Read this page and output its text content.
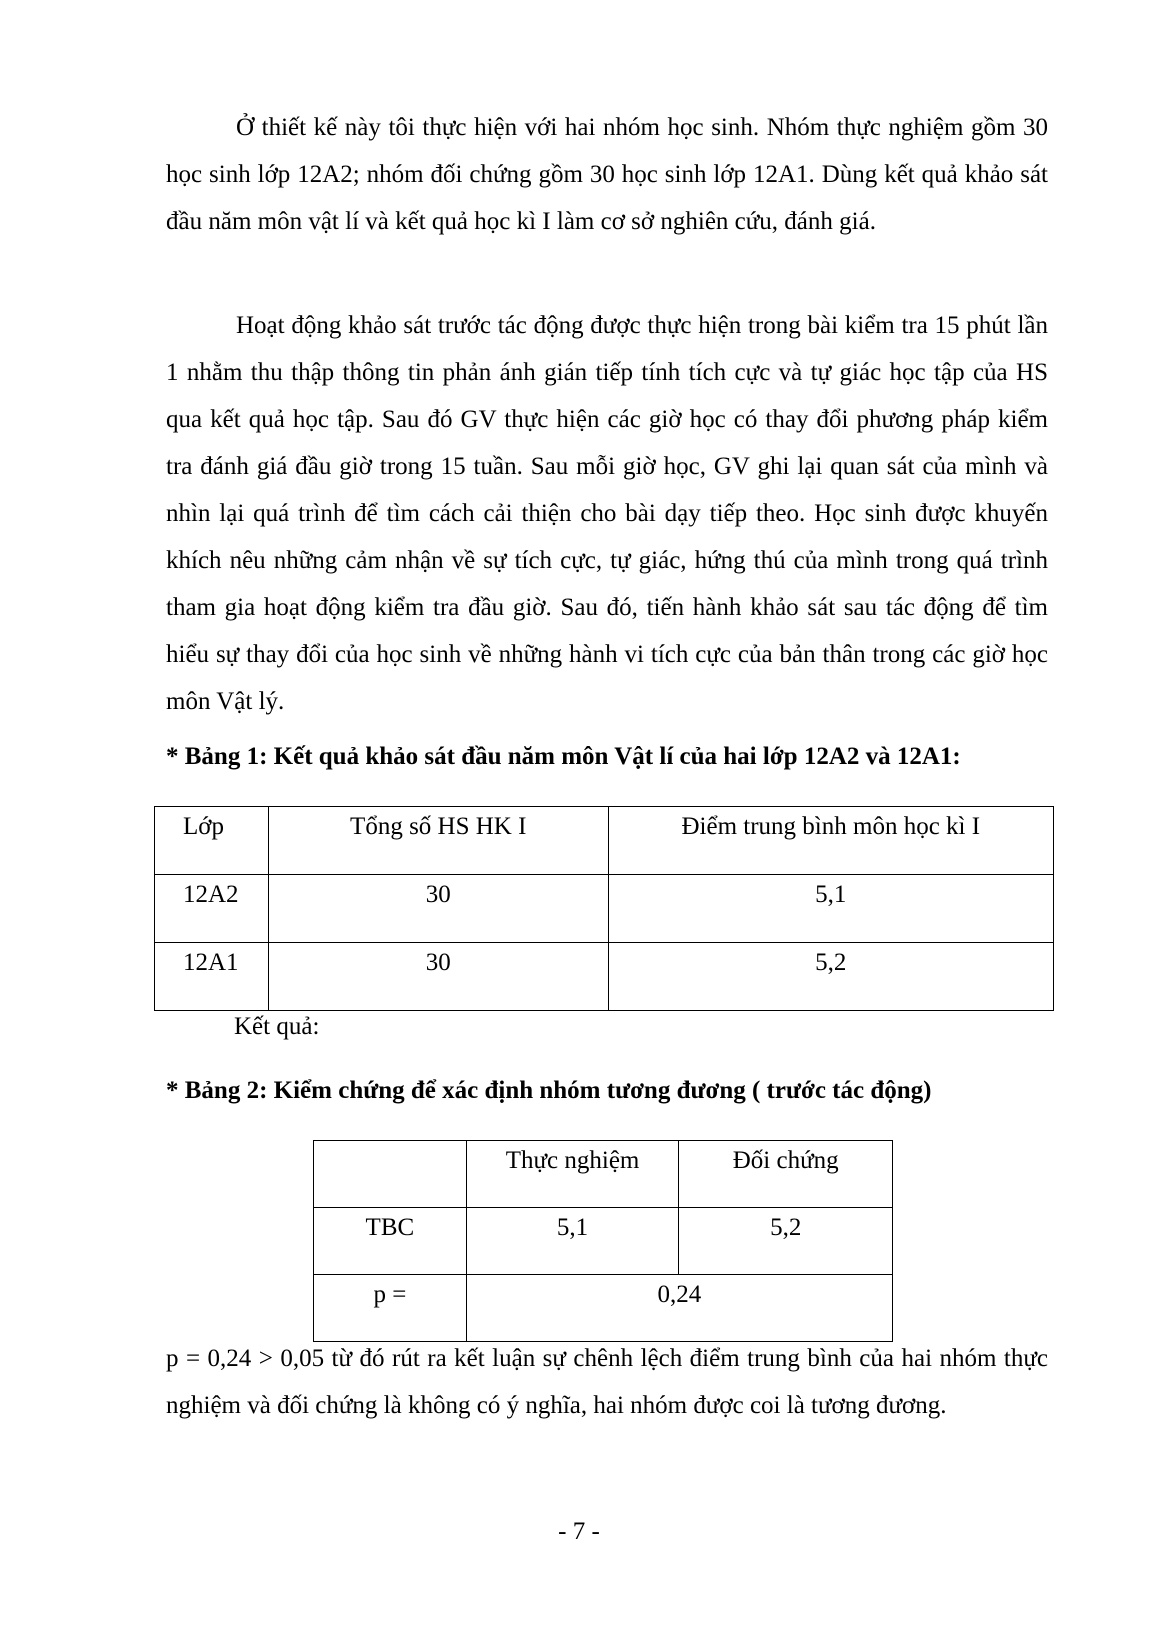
Ở thiết kế này tôi thực hiện với hai nhóm học sinh. Nhóm thực nghiệm gồm 30 học sinh lớp 12A2; nhóm đối chứng gồm 30 học sinh lớp 12A1. Dùng kết quả khảo sát đầu năm môn vật lí và kết quả học kì I làm cơ sở nghiên cứu, đánh giá.

Hoạt động khảo sát trước tác động được thực hiện trong bài kiểm tra 15 phút lần 1 nhằm thu thập thông tin phản ánh gián tiếp tính tích cực và tự giác học tập của HS qua kết quả học tập. Sau đó GV thực hiện các giờ học có thay đổi phương pháp kiểm tra đánh giá đầu giờ trong 15 tuần. Sau mỗi giờ học, GV ghi lại quan sát của mình và nhìn lại quá trình để tìm cách cải thiện cho bài dạy tiếp theo. Học sinh được khuyến khích nêu những cảm nhận về sự tích cực, tự giác, hứng thú của mình trong quá trình tham gia hoạt động kiểm tra đầu giờ. Sau đó, tiến hành khảo sát sau tác động để tìm hiểu sự thay đổi của học sinh về những hành vi tích cực của bản thân trong các giờ học môn Vật lý.

* Bảng 1: Kết quả khảo sát đầu năm môn Vật lí của hai lớp 12A2 và 12A1:

Lớp	Tổng số HS HK I	Điểm trung bình môn học kì I
12A2	30	5,1
12A1	30	5,2

Kết quả:

* Bảng 2: Kiểm chứng để xác định nhóm tương đương ( trước tác động)

	Thực nghiệm	Đối chứng
TBC	5,1	5,2
p =	0,24	

p = 0,24 > 0,05 từ đó rút ra kết luận sự chênh lệch điểm trung bình của hai nhóm thực nghiệm và đối chứng là không có ý nghĩa, hai nhóm được coi là tương đương.

- 7 -
